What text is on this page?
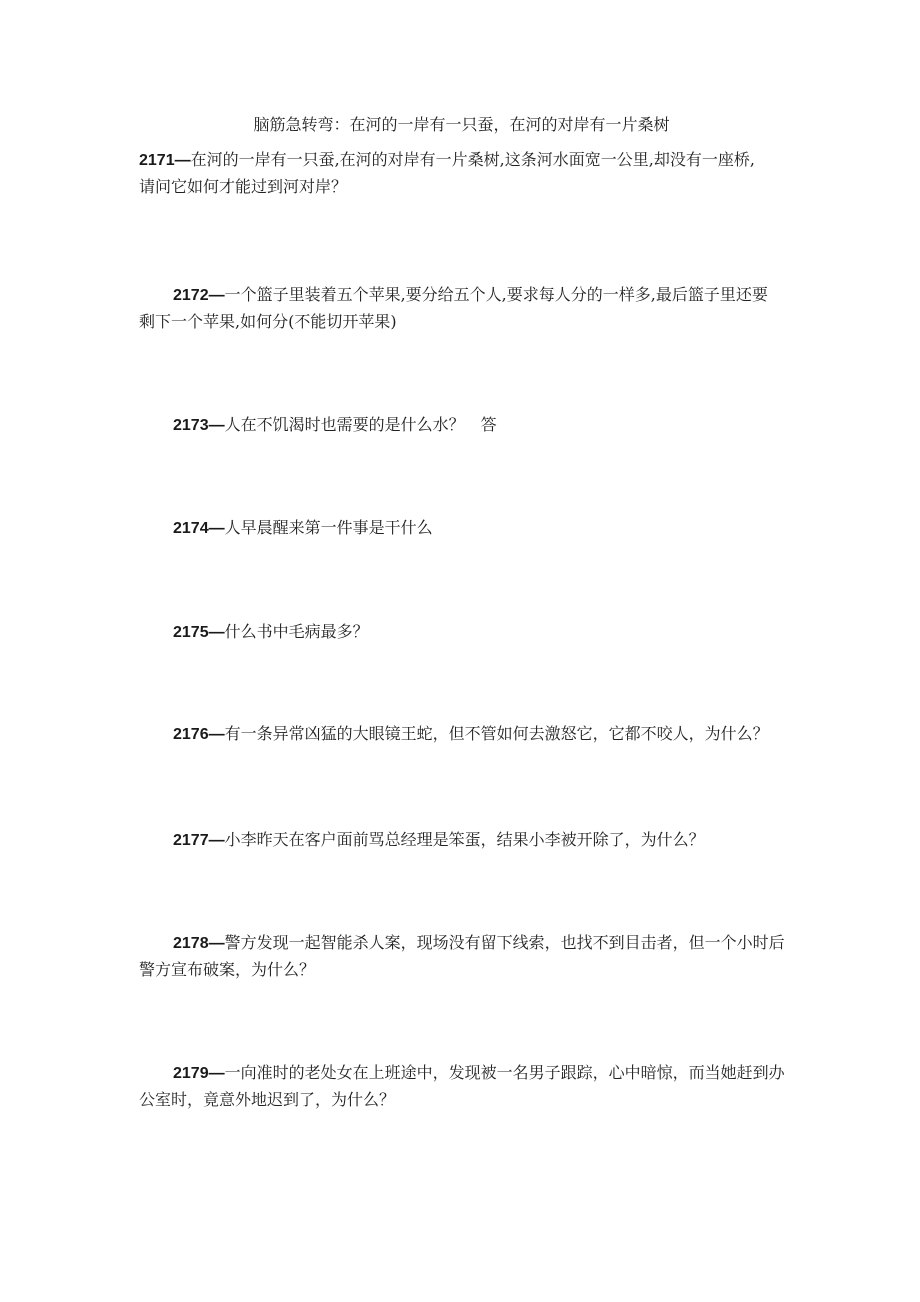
脑筋急转弯：在河的一岸有一只蚕，在河的对岸有一片桑树
2171—在河的一岸有一只蚕,在河的对岸有一片桑树,这条河水面宽一公里,却没有一座桥,
请问它如何才能过到河对岸？
2172—一个篮子里装着五个苹果,要分给五个人,要求每人分的一样多,最后篮子里还要
剩下一个苹果,如何分(不能切开苹果)
2173—人在不饥渴时也需要的是什么水？　答
2174—人早晨醒来第一件事是干什么
2175—什么书中毛病最多？
2176—有一条异常凶猛的大眼镜王蛇，但不管如何去激怒它，它都不咬人，为什么？
2177—小李昨天在客户面前骂总经理是笨蛋，结果小李被开除了，为什么？
2178—警方发现一起智能杀人案，现场没有留下线索，也找不到目击者，但一个小时后
警方宣布破案，为什么？
2179—一向准时的老处女在上班途中，发现被一名男子跟踪，心中暗惊，而当她赶到办
公室时，竟意外地迟到了，为什么？
